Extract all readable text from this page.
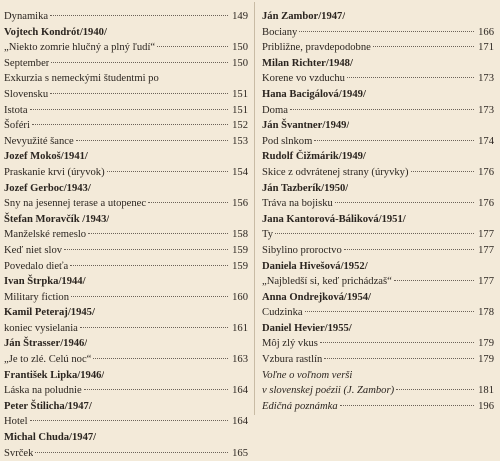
Dynamika	149
Vojtech Kondrót/1940/
„Niekto zomrie hlučný a plný ľudí“	150
September	150
Exkurzia s nemeckými študentmi po
Slovensku	151
Istota	151
Šoféri	152
Nevyužité šance	153
Jozef Mokoš/1941/
Praskanie krvi (úryvok)	154
Jozef Gerboc/1943/
Sny na jesennej terase a utopenec	156
Štefan Moravčík /1943/
Manželské remeslo	158
Keď niet slov	159
Povedalo dieťa	159
Ivan Štrpka/1944/
Military fiction	160
Kamil Peteraj/1945/
koniec vysielania	161
Ján Štrasser/1946/
„Je to zlé. Celú noc“	163
František Lipka/1946/
Láska na poludnie	164
Peter Štilicha/1947/
Hotel	164
Michal Chuda/1947/
Svrček	165
Ján Zambor/1947/
Bociany	166
Približne, pravdepodobne	171
Milan Richter/1948/
Korene vo vzduchu	173
Hana Bacigálová/1949/
Doma	173
Ján Švantner/1949/
Pod slnkom	174
Rudolf Čižmárik/1949/
Skice z odvrátenej strany (úryvky)	176
Ján Tazberík/1950/
Tráva na bojisku	176
Jana Kantorová-Báliková/1951/
Ty	177
Sibylino proroctvo	177
Daniela Hivešová/1952/
„Najbledší si, keď prichádzaš“	177
Anna Ondrejková/1954/
Cudzinka	178
Daniel Hevier/1955/
Môj zlý vkus	179
Vzbura rastlín	179
Voľne o voľnom verši
v slovenskej poézii (J. Zambor)	181
Edičná poznámka	196
